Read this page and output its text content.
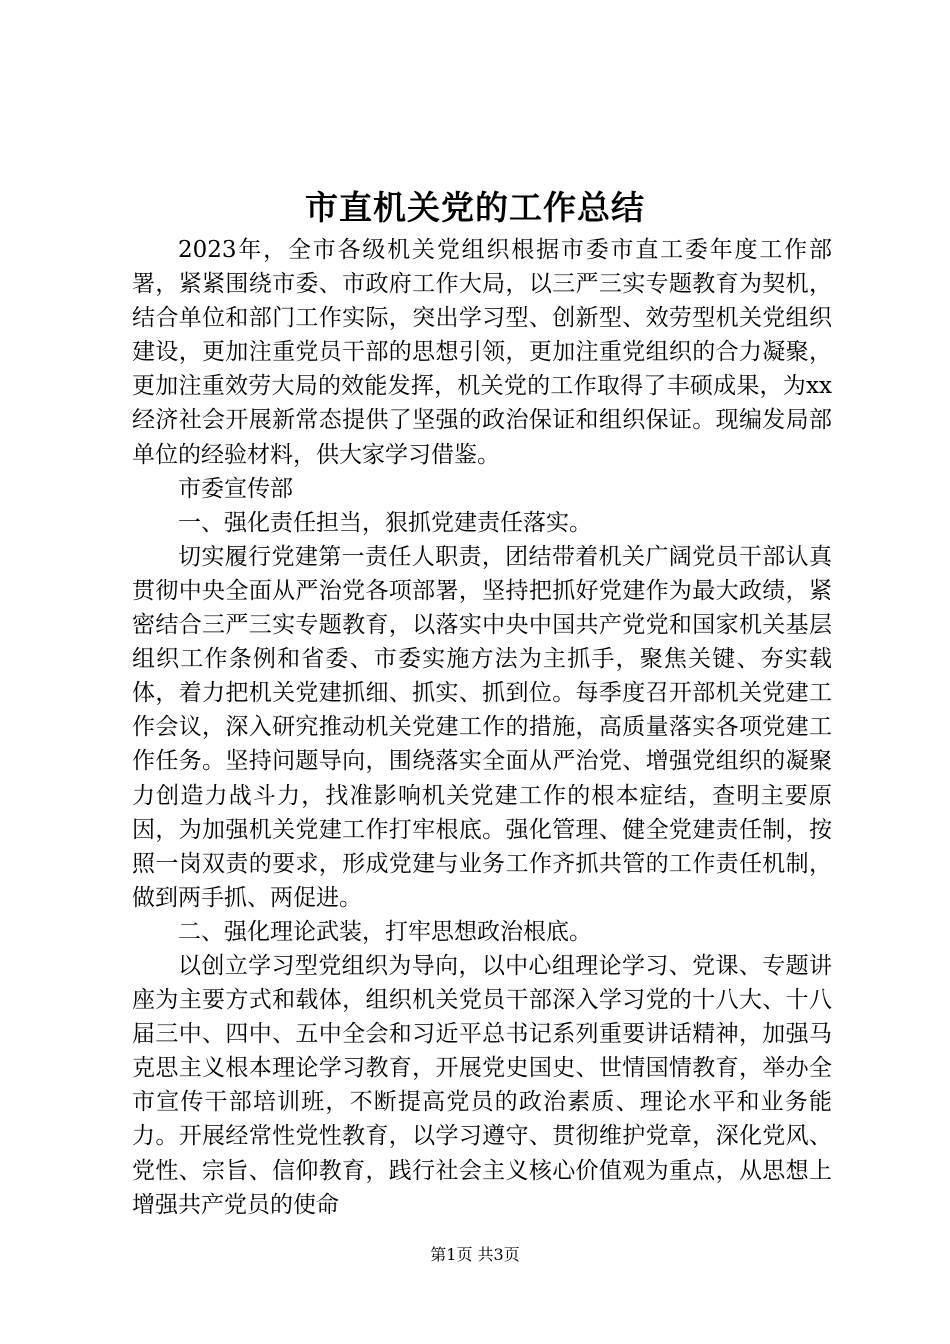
市直机关党的工作总结

2023年，全市各级机关党组织根据市委市直工委年度工作部署，紧紧围绕市委、市政府工作大局，以三严三实专题教育为契机，结合单位和部门工作实际，突出学习型、创新型、效劳型机关党组织建设，更加注重党员干部的思想引领，更加注重党组织的合力凝聚，更加注重效劳大局的效能发挥，机关党的工作取得了丰硕成果，为xx经济社会开展新常态提供了坚强的政治保证和组织保证。现编发局部单位的经验材料，供大家学习借鉴。

市委宣传部

一、强化责任担当，狠抓党建责任落实。

切实履行党建第一责任人职责，团结带着机关广阔党员干部认真贯彻中央全面从严治党各项部署，坚持把抓好党建作为最大政绩，紧密结合三严三实专题教育，以落实中央中国共产党党和国家机关基层组织工作条例和省委、市委实施方法为主抓手，聚焦关键、夯实载体，着力把机关党建抓细、抓实、抓到位。每季度召开部机关党建工作会议，深入研究推动机关党建工作的措施，高质量落实各项党建工作任务。坚持问题导向，围绕落实全面从严治党、增强党组织的凝聚力创造力战斗力，找准影响机关党建工作的根本症结，查明主要原因，为加强机关党建工作打牢根底。强化管理、健全党建责任制，按照一岗双责的要求，形成党建与业务工作齐抓共管的工作责任机制，做到两手抓、两促进。

二、强化理论武装，打牢思想政治根底。

以创立学习型党组织为导向，以中心组理论学习、党课、专题讲座为主要方式和载体，组织机关党员干部深入学习党的十八大、十八届三中、四中、五中全会和习近平总书记系列重要讲话精神，加强马克思主义根本理论学习教育，开展党史国史、世情国情教育，举办全市宣传干部培训班，不断提高党员的政治素质、理论水平和业务能力。开展经常性党性教育，以学习遵守、贯彻维护党章，深化党风、党性、宗旨、信仰教育，践行社会主义核心价值观为重点，从思想上增强共产党员的使命

第1页 共3页
